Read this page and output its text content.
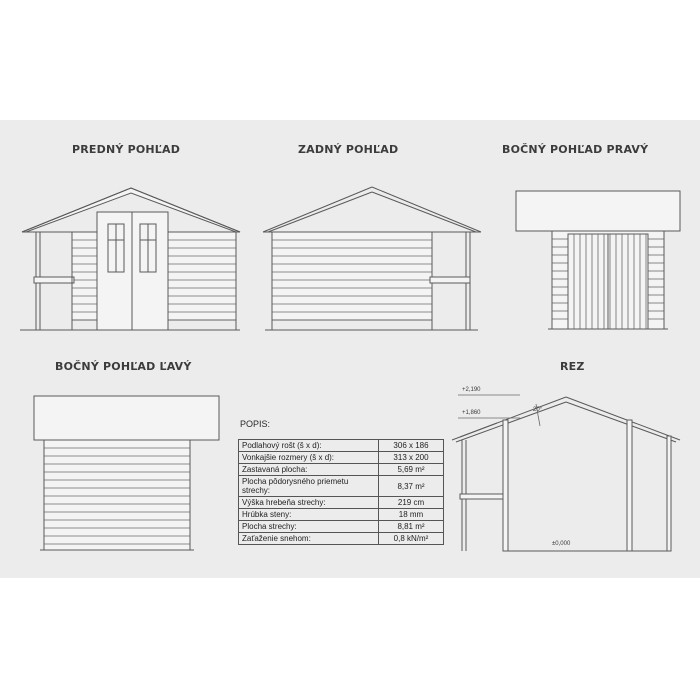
PREDNÝ POHĽAD	ZADNÝ POHĽAD	BOČNÝ POHĽAD PRAVÝ
BOČNÝ POHĽAD ĽAVÝ	REZ
+2,190
+1,860	20°
±0,000
POPIS:
Podlahový rošt (š x d):	306 x 186
Vonkajšie rozmery (š x d):	313 x 200
Zastavaná plocha:	5,69 m²
Plocha pôdorysného priemetu strechy:	8,37 m²
Výška hrebeňa strechy:	219 cm
Hrúbka steny:	18 mm
Plocha strechy:	8,81 m²
Zaťaženie snehom:	0,8 kN/m²
